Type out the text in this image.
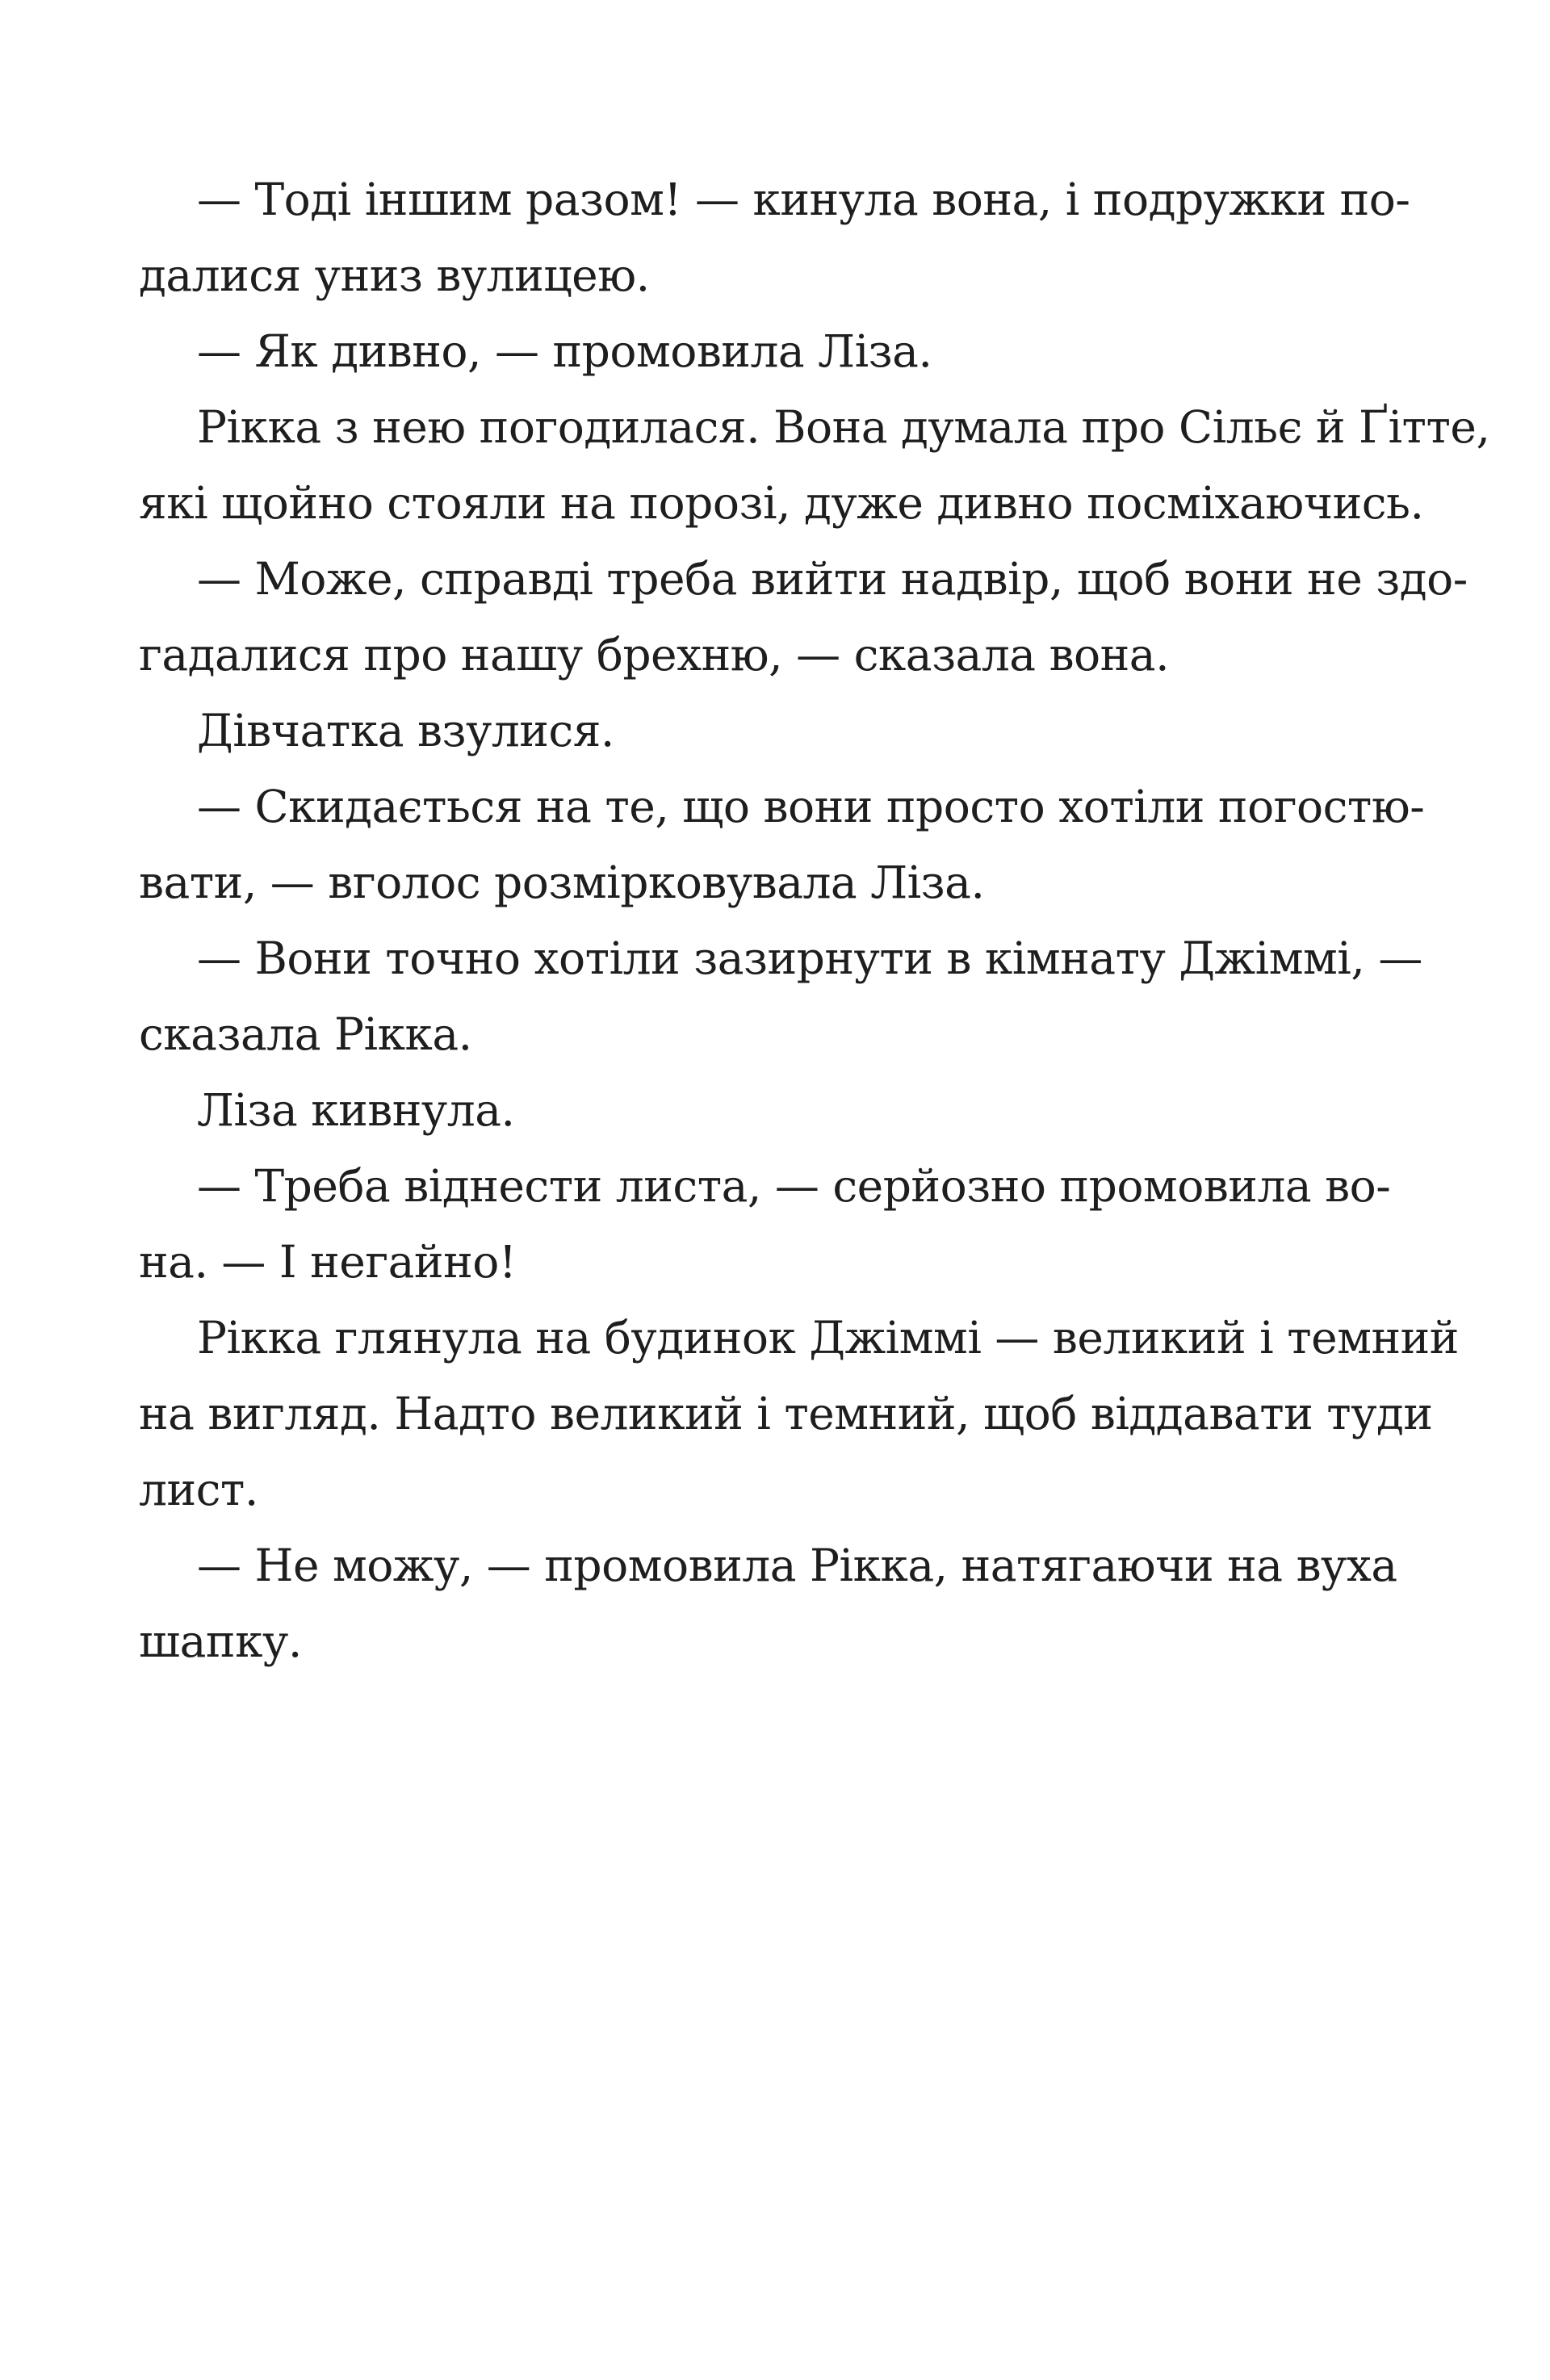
— Тоді іншим разом! — кинула вона, і подружки по-
далися униз вулицею.
— Як дивно, — промовила Ліза.
Рікка з нею погодилася. Вона думала про Сільє й Ґітте,
які щойно стояли на порозі, дуже дивно посміхаючись.
— Може, справді треба вийти надвір, щоб вони не здо-
гадалися про нашу брехню, — сказала вона.
Дівчатка взулися.
— Скидається на те, що вони просто хотіли погостю-
вати, — вголос розмірковувала Ліза.
— Вони точно хотіли зазирнути в кімнату Джіммі, —
сказала Рікка.
Ліза кивнула.
— Треба віднести листа, — серйозно промовила во-
на. — І негайно!
Рікка глянула на будинок Джіммі — великий і темний
на вигляд. Надто великий і темний, щоб віддавати туди
лист.
— Не можу, — промовила Рікка, натягаючи на вуха
шапку.
